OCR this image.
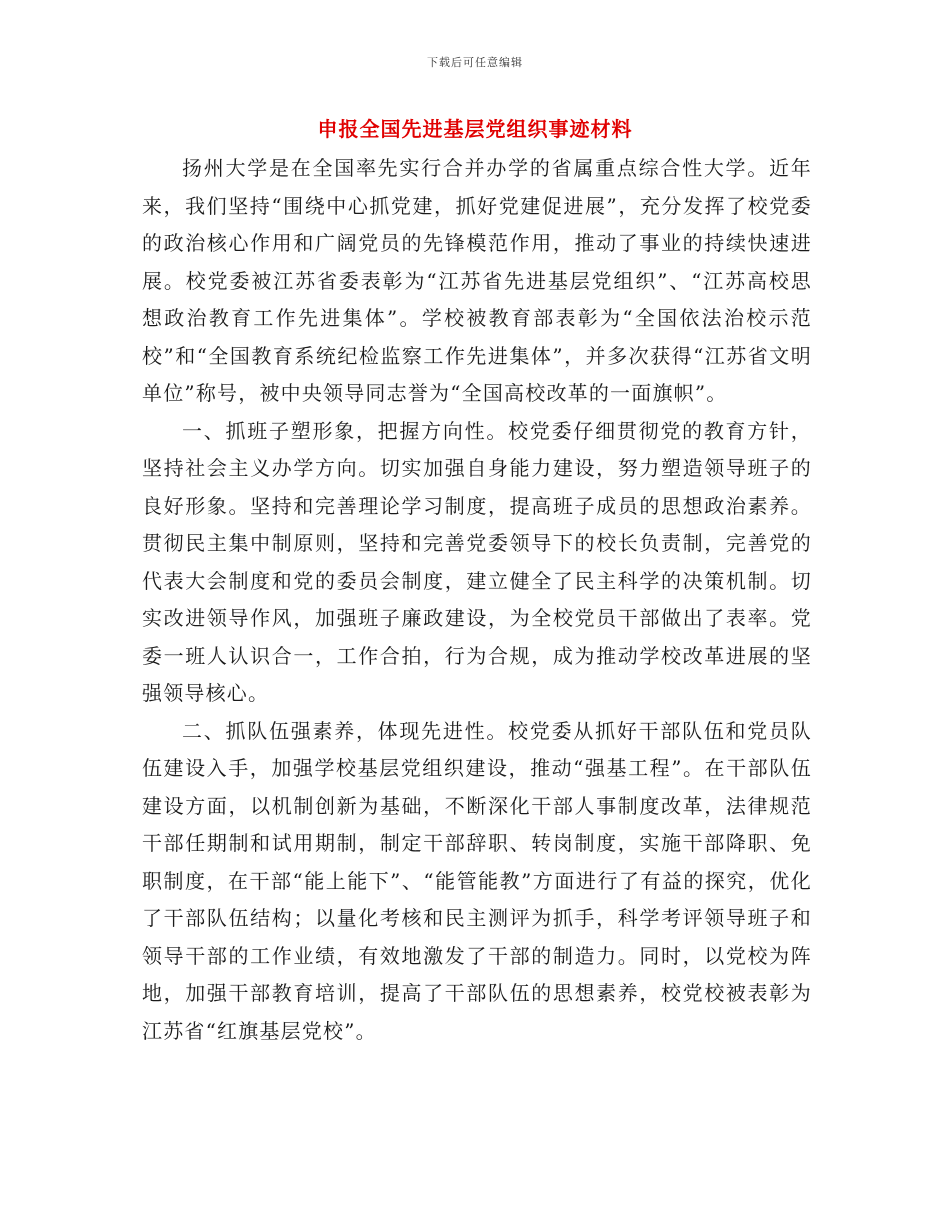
下载后可任意编辑
申报全国先进基层党组织事迹材料

扬州大学是在全国率先实行合并办学的省属重点综合性大学。近年来，我们坚持“围绕中心抓党建，抓好党建促进展”，充分发挥了校党委的政治核心作用和广阔党员的先锋模范作用，推动了事业的持续快速进展。校党委被江苏省委表彰为“江苏省先进基层党组织”、“江苏高校思想政治教育工作先进集体”。学校被教育部表彰为“全国依法治校示范校”和“全国教育系统纪检监察工作先进集体”，并多次获得“江苏省文明单位”称号，被中央领导同志誉为“全国高校改革的一面旗帜”。

一、抓班子塑形象，把握方向性。校党委仔细贯彻党的教育方针，坚持社会主义办学方向。切实加强自身能力建设，努力塑造领导班子的良好形象。坚持和完善理论学习制度，提高班子成员的思想政治素养。贯彻民主集中制原则，坚持和完善党委领导下的校长负责制，完善党的代表大会制度和党的委员会制度，建立健全了民主科学的决策机制。切实改进领导作风，加强班子廉政建设，为全校党员干部做出了表率。党委一班人认识合一，工作合拍，行为合规，成为推动学校改革进展的坚强领导核心。

二、抓队伍强素养，体现先进性。校党委从抓好干部队伍和党员队伍建设入手，加强学校基层党组织建设，推动“强基工程”。在干部队伍建设方面，以机制创新为基础，不断深化干部人事制度改革，法律规范干部任期制和试用期制，制定干部辞职、转岗制度，实施干部降职、免职制度，在干部“能上能下”、“能管能教”方面进行了有益的探究，优化了干部队伍结构；以量化考核和民主测评为抓手，科学考评领导班子和领导干部的工作业绩，有效地激发了干部的制造力。同时，以党校为阵地，加强干部教育培训，提高了干部队伍的思想素养，校党校被表彰为江苏省“红旗基层党校”。
